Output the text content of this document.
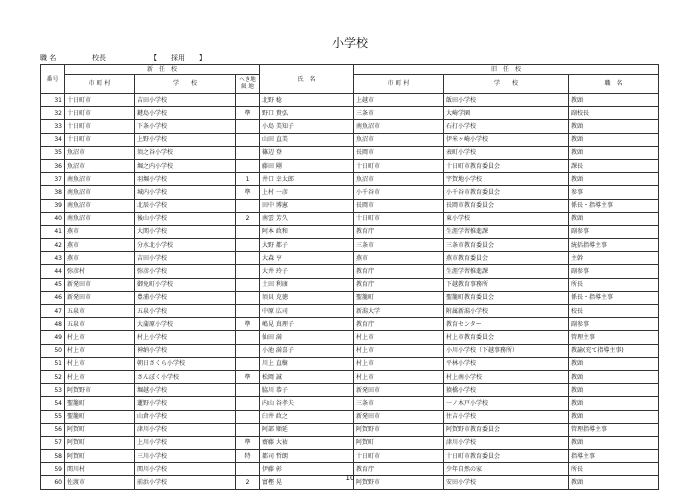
小学校
職 名	校長	【　　 採用　　 】
番号	新　任　校			氏　名	旧　任　校		
	市 町 村	学　　校	へき地
級 地		市 町 村	学　　校	職　名
31	十日町市	吉田小学校		北野 稔	上越市	飯田小学校	教頭
32	十日町市	鍵島小学校	準	野口 貴弘	三条市	大崎学園	副校長
33	十日町市	下条小学校		小島 美知子	南魚沼市	石打小学校	教頭
34	十日町市	上野小学校		山田 直美	魚沼市	伊米ヶ崎小学校	教頭
35	魚沼市	須之谷小学校		篠辺 登	長岡市	表町小学校	教頭
36	魚沼市	堀之内小学校		藤田 剛	十日町市	十日町市教育委員会	課長
37	南魚沼市	羽堀小学校	1	井口 幸太郎	魚沼市	宇賀地小学校	教頭
38	南魚沼市	城内小学校	準	上村 一彦	小千谷市	小千谷市教育委員会	参事
39	南魚沼市	北辰小学校		田中 博憲	長岡市	長岡市教育委員会	係長・指導主事
40	南魚沼市	後山小学校	2	南雲 芳久	十日町市	東小学校	教頭
41	燕市	大関小学校		阿本 政和	教育庁	生涯学習推進課	副参事
42	燕市	分水北小学校		大野 都子	三条市	三条市教育委員会	統括指導主事
43	燕市	吉田小学校		大森 亨	燕市	燕市教育委員会	主幹
44	弥彦村	弥彦小学校		大井 玲子	教育庁	生涯学習推進課	副参事
45	新発田市	御免町小学校		土田 利康	教育庁	下越教育事務所	所長
46	新発田市	豊浦小学校		須貝 克徳	聖籠町	聖籠町教育委員会	係長・指導主事
47	五泉市	五泉小学校		中原 広司	新潟大学	附属新潟小学校	校長
48	五泉市	大蒲原小学校	準	嶋見 真理子	教育庁	教育センター	副参事
49	村上市	村上小学校		仙田 満	村上市	村上市教育委員会	管理主事
50	村上市	神納小学校		小池 満喜子	村上市	小川小学校（下越事務所）	教諭(充て指導主事)
51	村上市	朝日さくら小学校		川上 直樹	村上市	平林小学校	教頭
52	村上市	さんぽく小学校	準	松岡 誠	村上市	村上南小学校	教頭
53	阿賀野市	堀越小学校		脇川 恭子	新発田市	猿橋小学校	教頭
54	聖籠町	蓮野小学校		内山 谷孝夫	三条市	一ノ木戸小学校	教頭
55	聖籠町	山倉小学校		臼井 政之	新発田市	住吉小学校	教頭
56	阿賀町	津川小学校		阿部 順延	阿賀野市	阿賀野市教育委員会	管理指導主事
57	阿賀町	上川小学校	準	齋藤 大祐	阿賀町	津川小学校	教頭
58	阿賀町	三川小学校	特	都司 哲朗	十日町市	十日町市教育委員会	指導主事
59	関川村	関川小学校		伊藤 彰	教育庁	少年自然の家	所長
60	佐渡市	前浜小学校	2	富樫 晃	阿賀野市	安田小学校	教頭
10
